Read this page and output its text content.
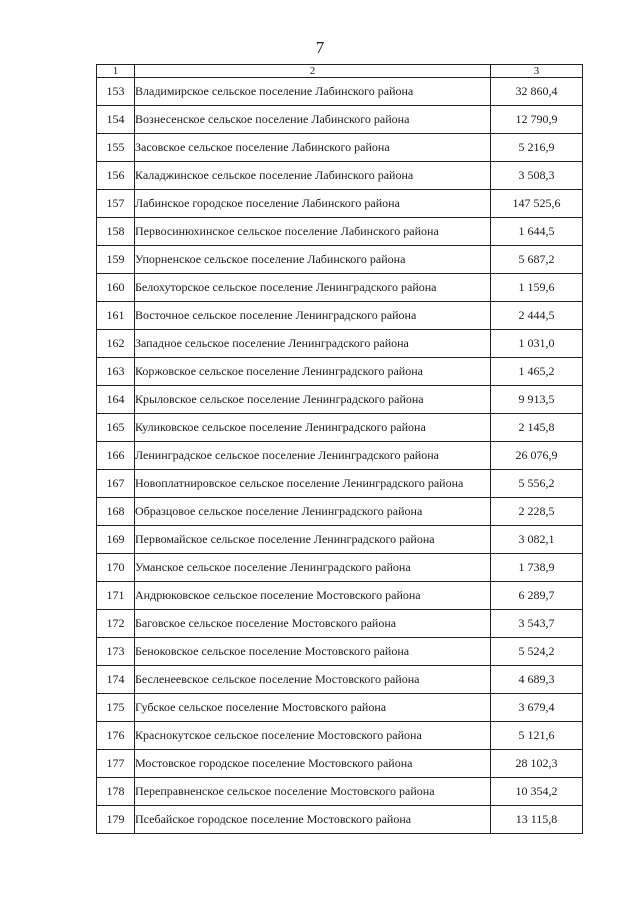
7
1	2	3
153	Владимирское сельское поселение Лабинского района	32 860,4
154	Вознесенское сельское поселение Лабинского района	12 790,9
155	Засовское сельское поселение Лабинского района	5 216,9
156	Каладжинское сельское поселение Лабинского района	3 508,3
157	Лабинское городское поселение Лабинского района	147 525,6
158	Первосинюхинское сельское поселение Лабинского района	1 644,5
159	Упорненское сельское поселение Лабинского района	5 687,2
160	Белохуторское сельское поселение Ленинградского района	1 159,6
161	Восточное сельское поселение Ленинградского района	2 444,5
162	Западное сельское поселение Ленинградского района	1 031,0
163	Коржовское сельское поселение Ленинградского района	1 465,2
164	Крыловское сельское поселение Ленинградского района	9 913,5
165	Куликовское сельское поселение Ленинградского района	2 145,8
166	Ленинградское сельское поселение Ленинградского района	26 076,9
167	Новоплатнировское сельское поселение Ленинградского района	5 556,2
168	Образцовое сельское поселение Ленинградского района	2 228,5
169	Первомайское сельское поселение Ленинградского района	3 082,1
170	Уманское сельское поселение Ленинградского района	1 738,9
171	Андрюковское сельское поселение Мостовского района	6 289,7
172	Баговское сельское поселение Мостовского района	3 543,7
173	Беноковское сельское поселение Мостовского района	5 524,2
174	Бесленеевское сельское поселение Мостовского района	4 689,3
175	Губское сельское поселение Мостовского района	3 679,4
176	Краснокутское сельское поселение Мостовского района	5 121,6
177	Мостовское городское поселение Мостовского района	28 102,3
178	Переправненское сельское поселение Мостовского района	10 354,2
179	Псебайское городское поселение Мостовского района	13 115,8
